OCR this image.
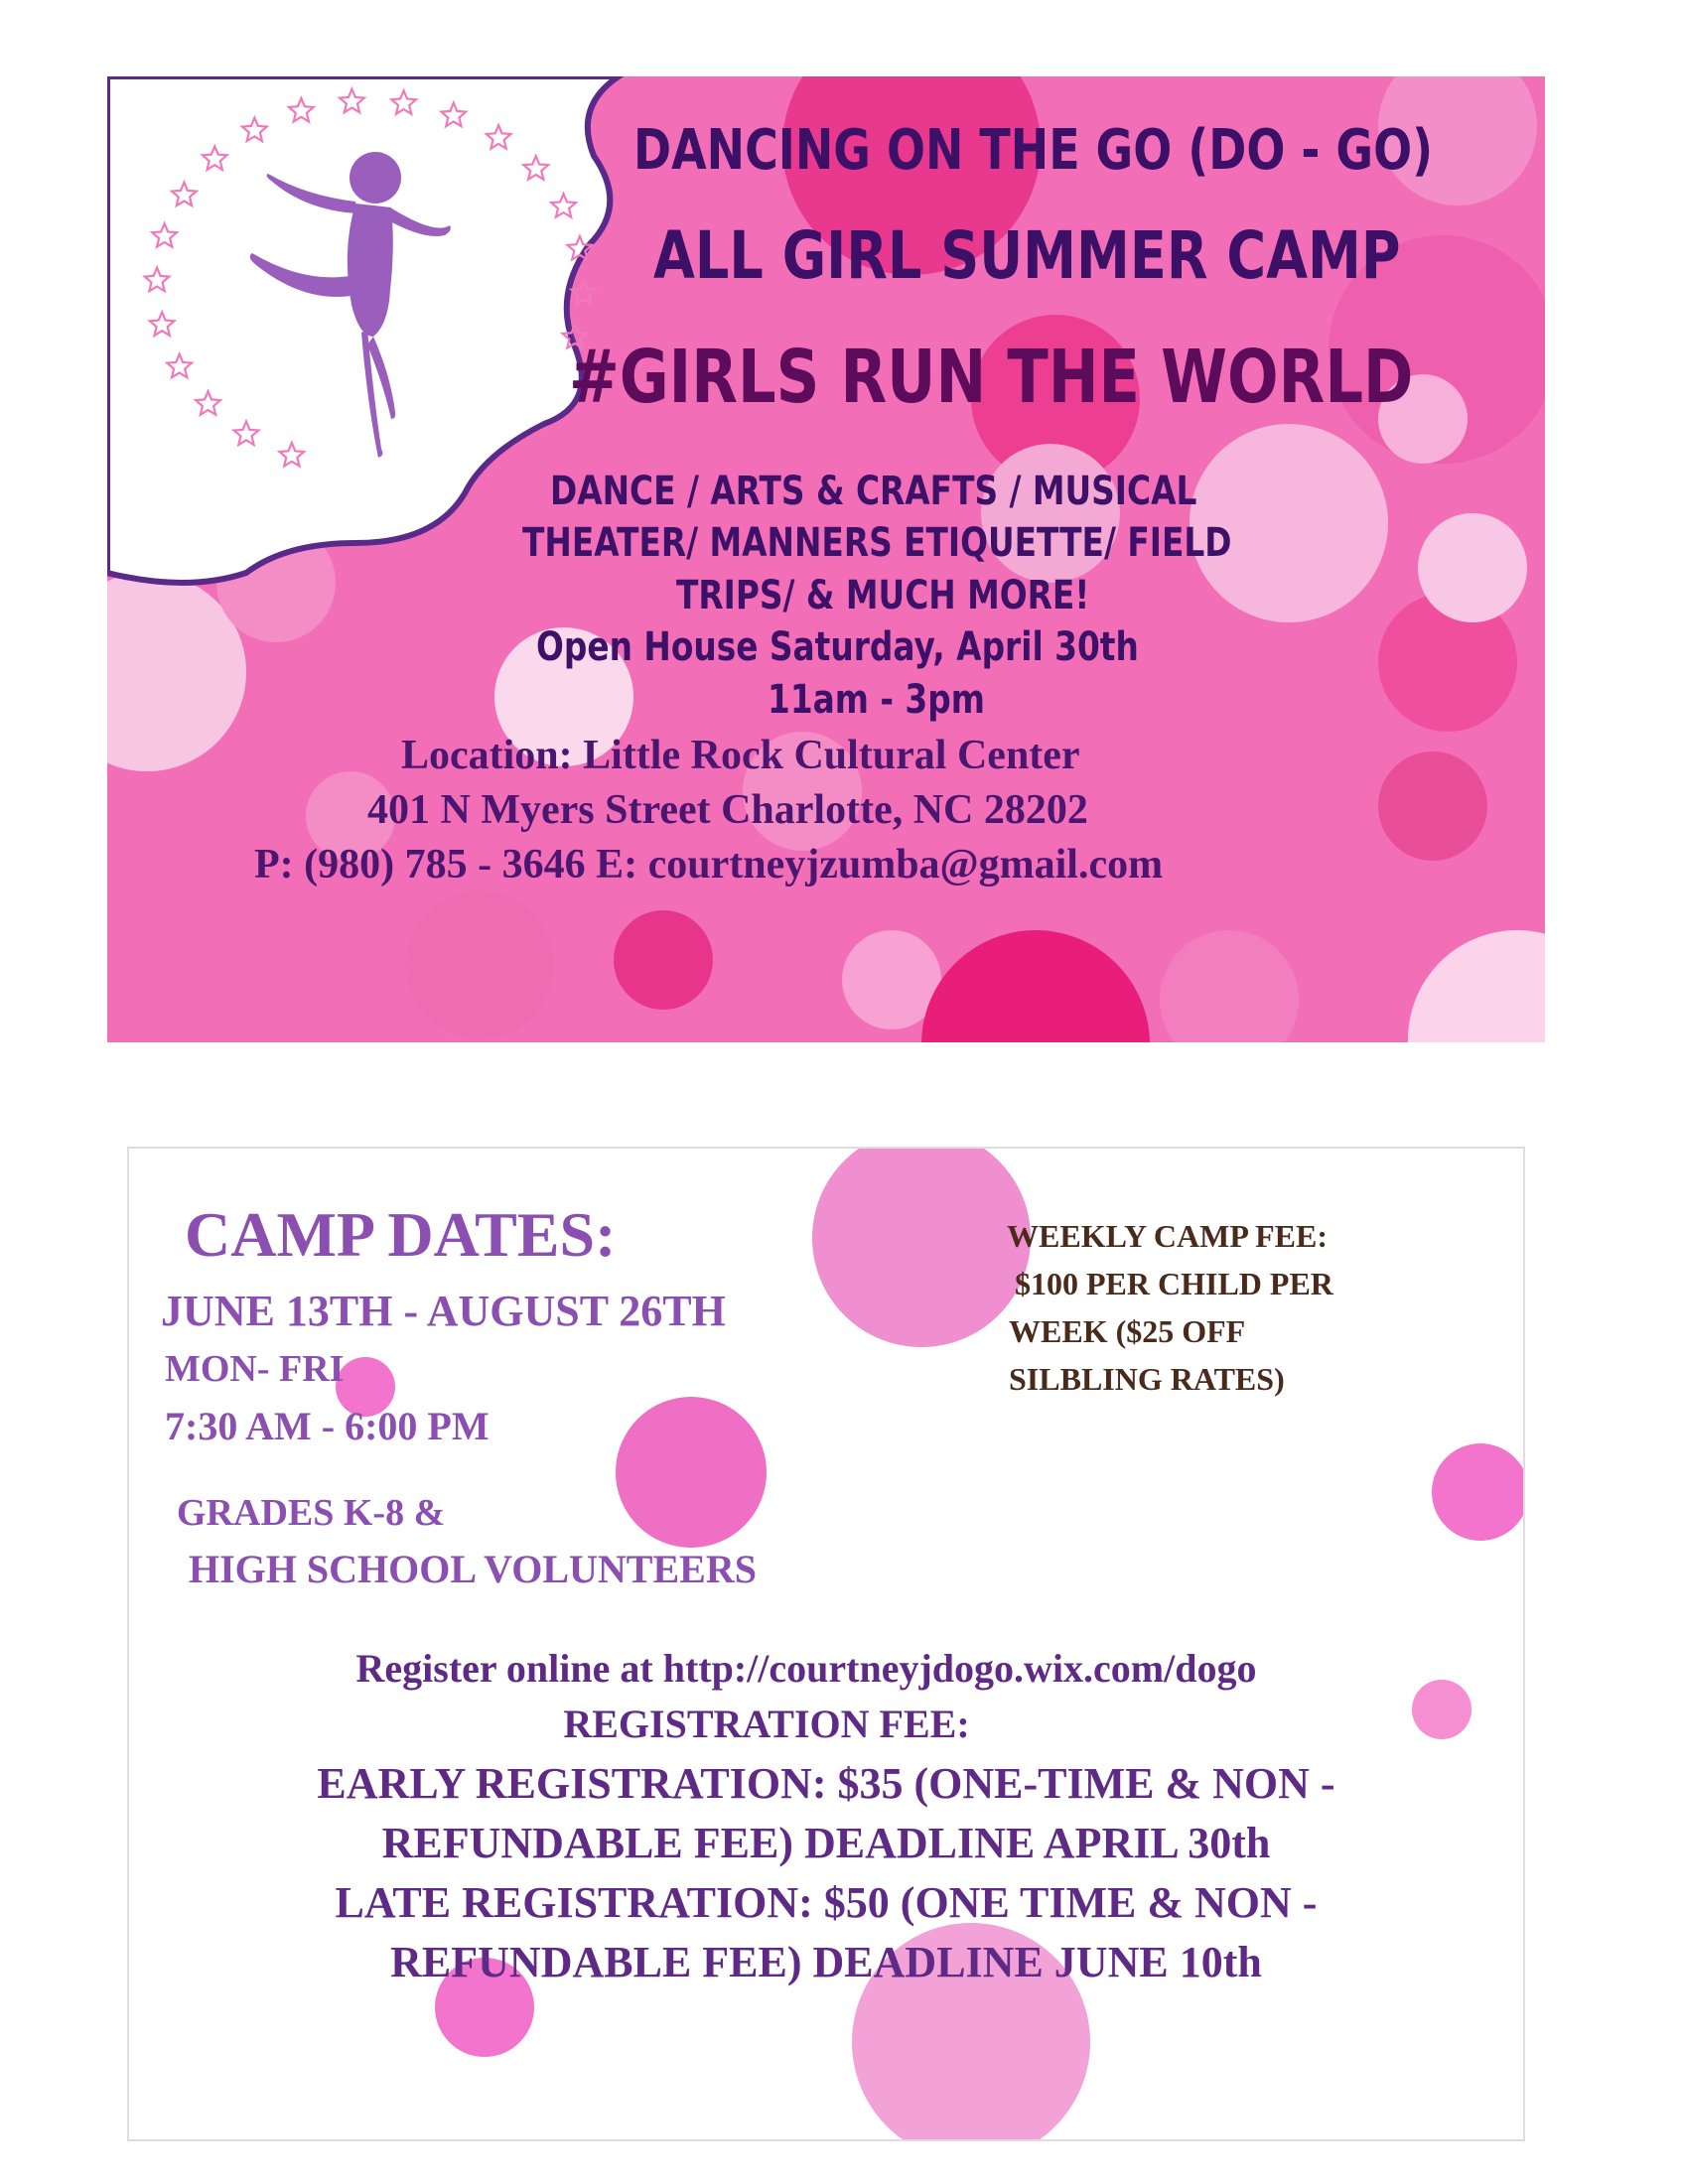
DANCING ON THE GO (DO - GO)

ALL GIRL SUMMER CAMP

#GIRLS RUN THE WORLD

DANCE / ARTS & CRAFTS / MUSICAL

THEATER/ MANNERS ETIQUETTE/ FIELD

TRIPS/ & MUCH MORE!

Open House Saturday, April 30th

11am - 3pm

Location: Little Rock Cultural Center

401 N Myers Street Charlotte, NC 28202

P: (980) 785 - 3646 E: courtneyjzumba@gmail.com

CAMP DATES:

JUNE 13TH - AUGUST 26TH

MON- FRI

7:30 AM - 6:00 PM

GRADES K-8 &

HIGH SCHOOL VOLUNTEERS

WEEKLY CAMP FEE:

$100 PER CHILD PER

WEEK ($25 OFF

SILBLING RATES)

Register online at http://courtneyjdogo.wix.com/dogo

REGISTRATION FEE:

EARLY REGISTRATION: $35 (ONE-TIME & NON -

REFUNDABLE FEE) DEADLINE APRIL 30th

LATE REGISTRATION: $50 (ONE TIME & NON -

REFUNDABLE FEE) DEADLINE JUNE 10th
